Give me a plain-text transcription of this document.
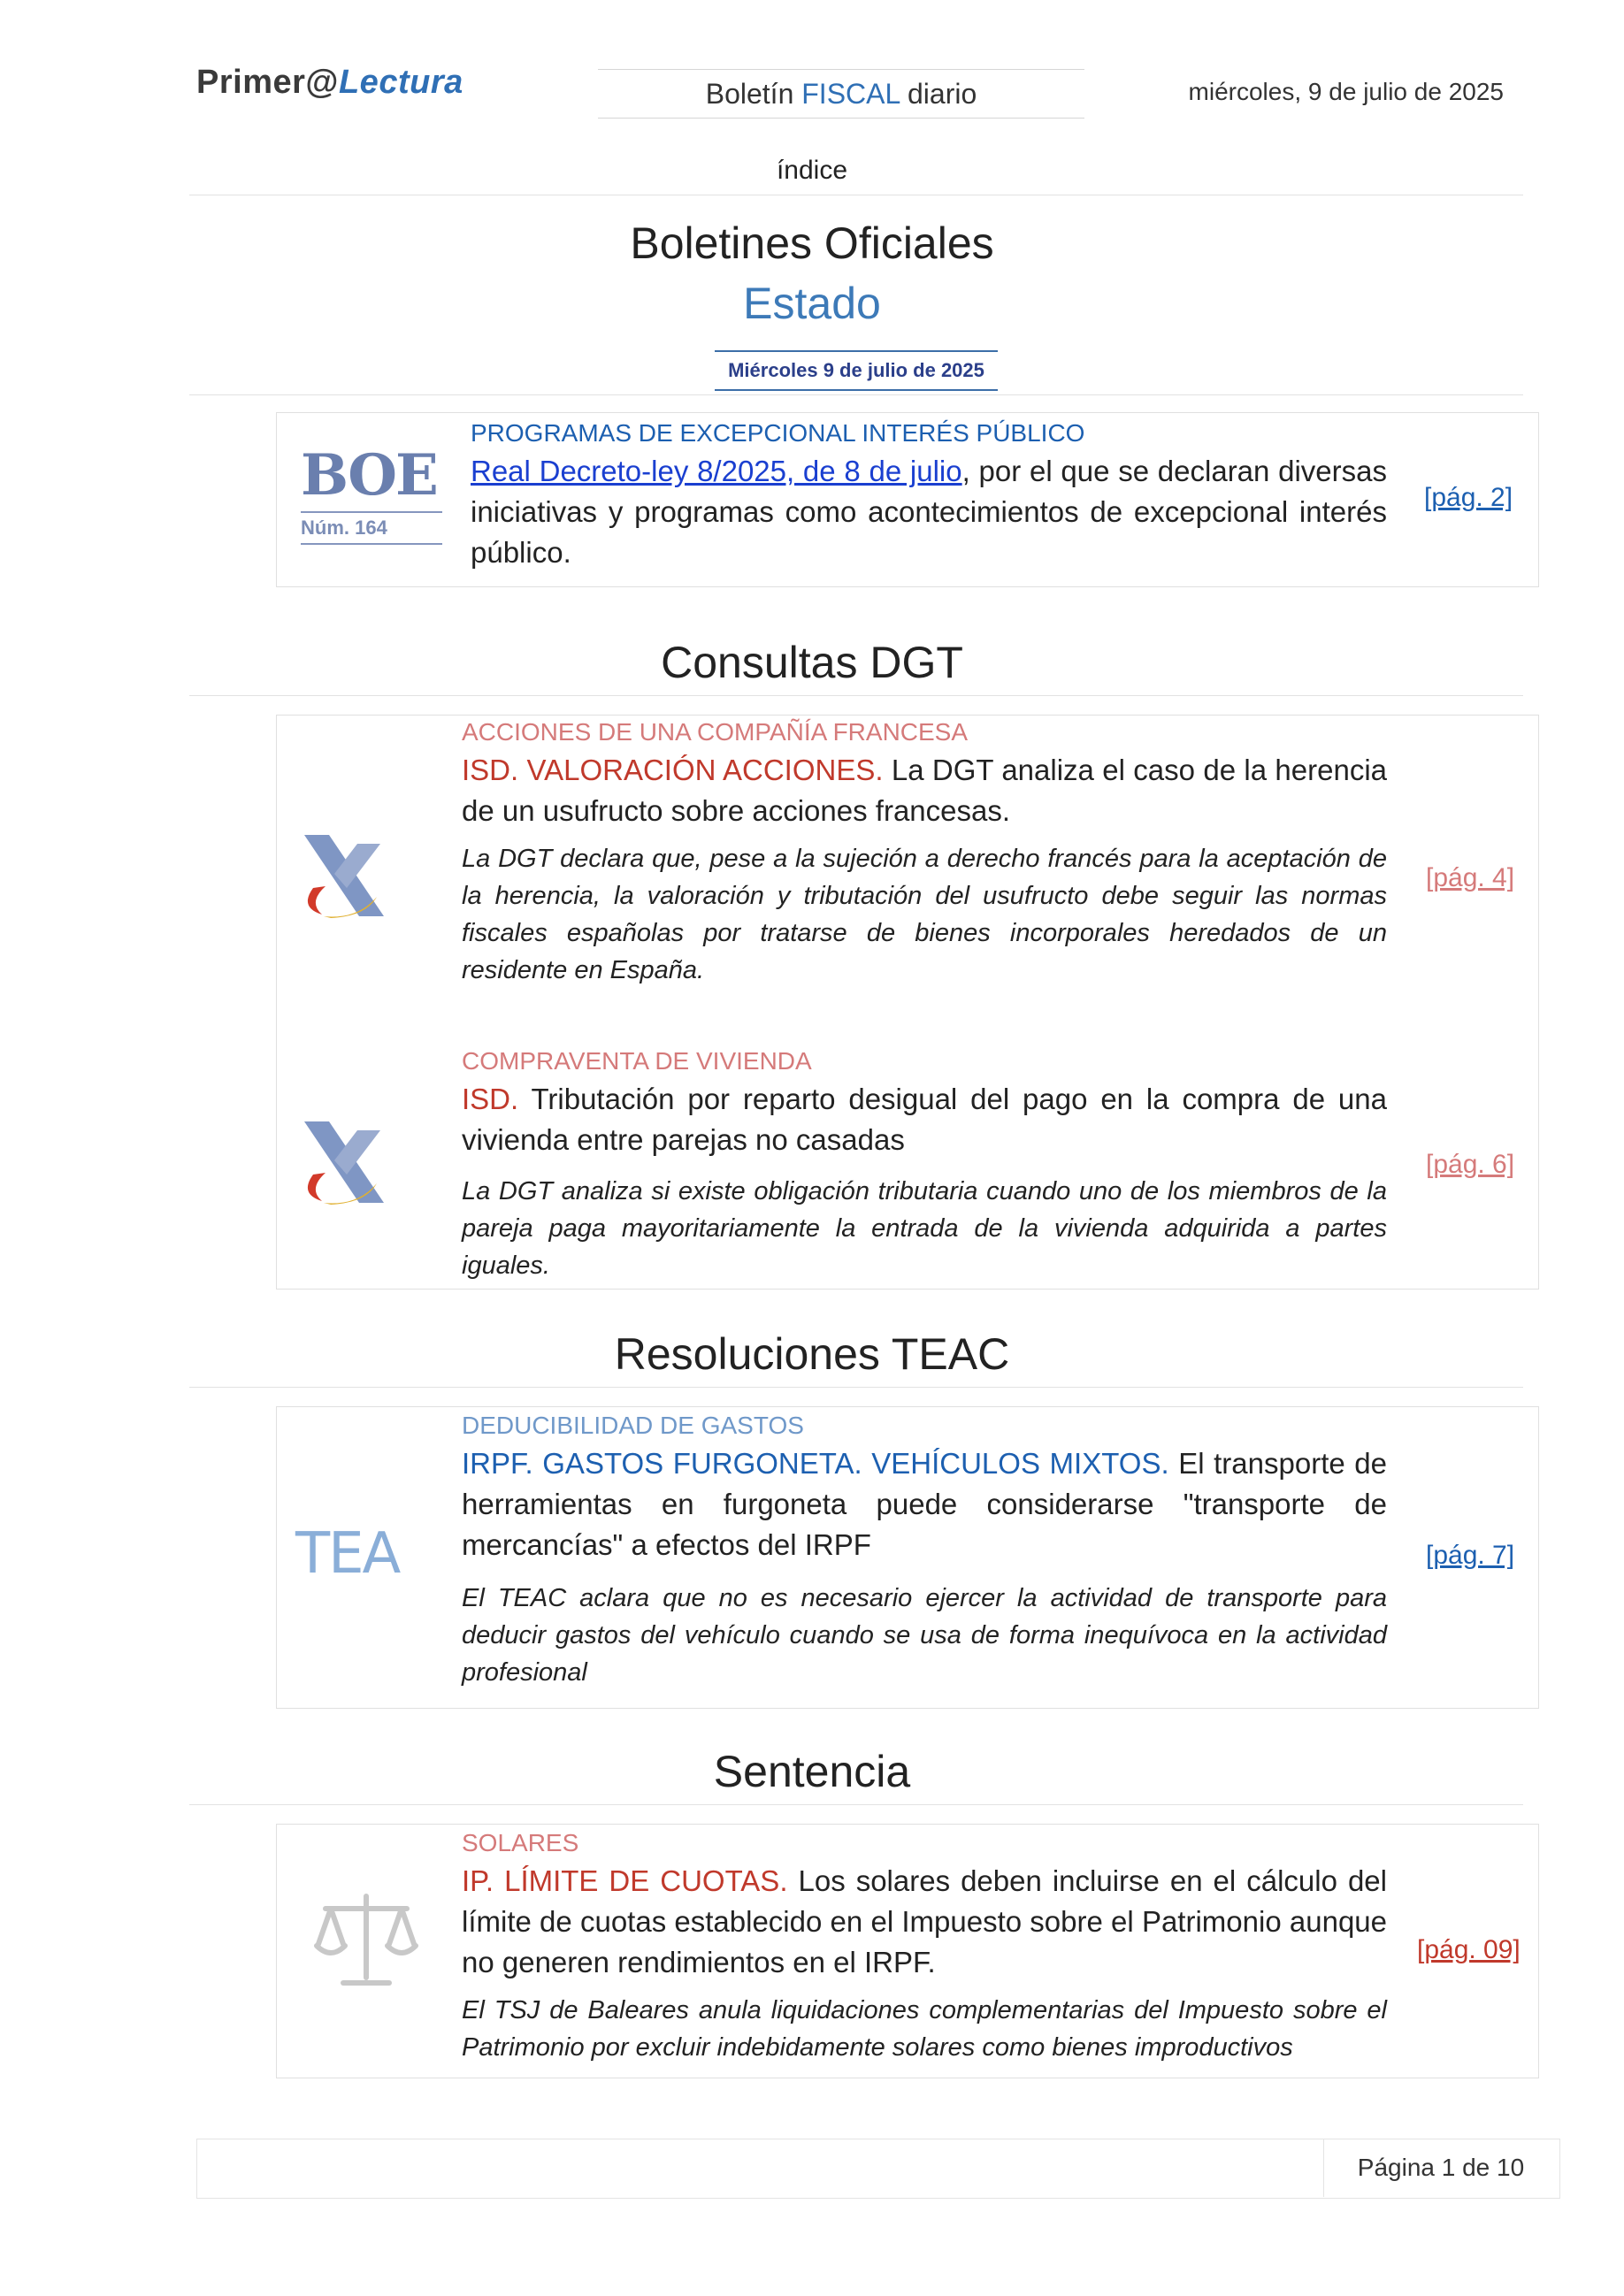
Primer@Lectura	Boletín FISCAL diario	miércoles, 9 de julio de 2025
índice
Boletines Oficiales
Estado
Miércoles 9 de julio de 2025
BOE
Núm. 164
PROGRAMAS DE EXCEPCIONAL INTERÉS PÚBLICO
Real Decreto-ley 8/2025, de 8 de julio, por el que se declaran diversas iniciativas y programas como acontecimientos de excepcional interés público.
[pág. 2]
Consultas DGT
ACCIONES DE UNA COMPAÑÍA FRANCESA
ISD. VALORACIÓN ACCIONES. La DGT analiza el caso de la herencia de un usufructo sobre acciones francesas.
La DGT declara que, pese a la sujeción a derecho francés para la aceptación de la herencia, la valoración y tributación del usufructo debe seguir las normas fiscales españolas por tratarse de bienes incorporales heredados de un residente en España.
[pág. 4]
COMPRAVENTA DE VIVIENDA
ISD. Tributación por reparto desigual del pago en la compra de una vivienda entre parejas no casadas
La DGT analiza si existe obligación tributaria cuando uno de los miembros de la pareja paga mayoritariamente la entrada de la vivienda adquirida a partes iguales.
[pág. 6]
Resoluciones TEAC
TEA
DEDUCIBILIDAD DE GASTOS
IRPF. GASTOS FURGONETA. VEHÍCULOS MIXTOS. El transporte de herramientas en furgoneta puede considerarse "transporte de mercancías" a efectos del IRPF
El TEAC aclara que no es necesario ejercer la actividad de transporte para deducir gastos del vehículo cuando se usa de forma inequívoca en la actividad profesional
[pág. 7]
Sentencia
SOLARES
IP. LÍMITE DE CUOTAS. Los solares deben incluirse en el cálculo del límite de cuotas establecido en el Impuesto sobre el Patrimonio aunque no generen rendimientos en el IRPF.
El TSJ de Baleares anula liquidaciones complementarias del Impuesto sobre el Patrimonio por excluir indebidamente solares como bienes improductivos
[pág. 09]
Página 1 de 10
